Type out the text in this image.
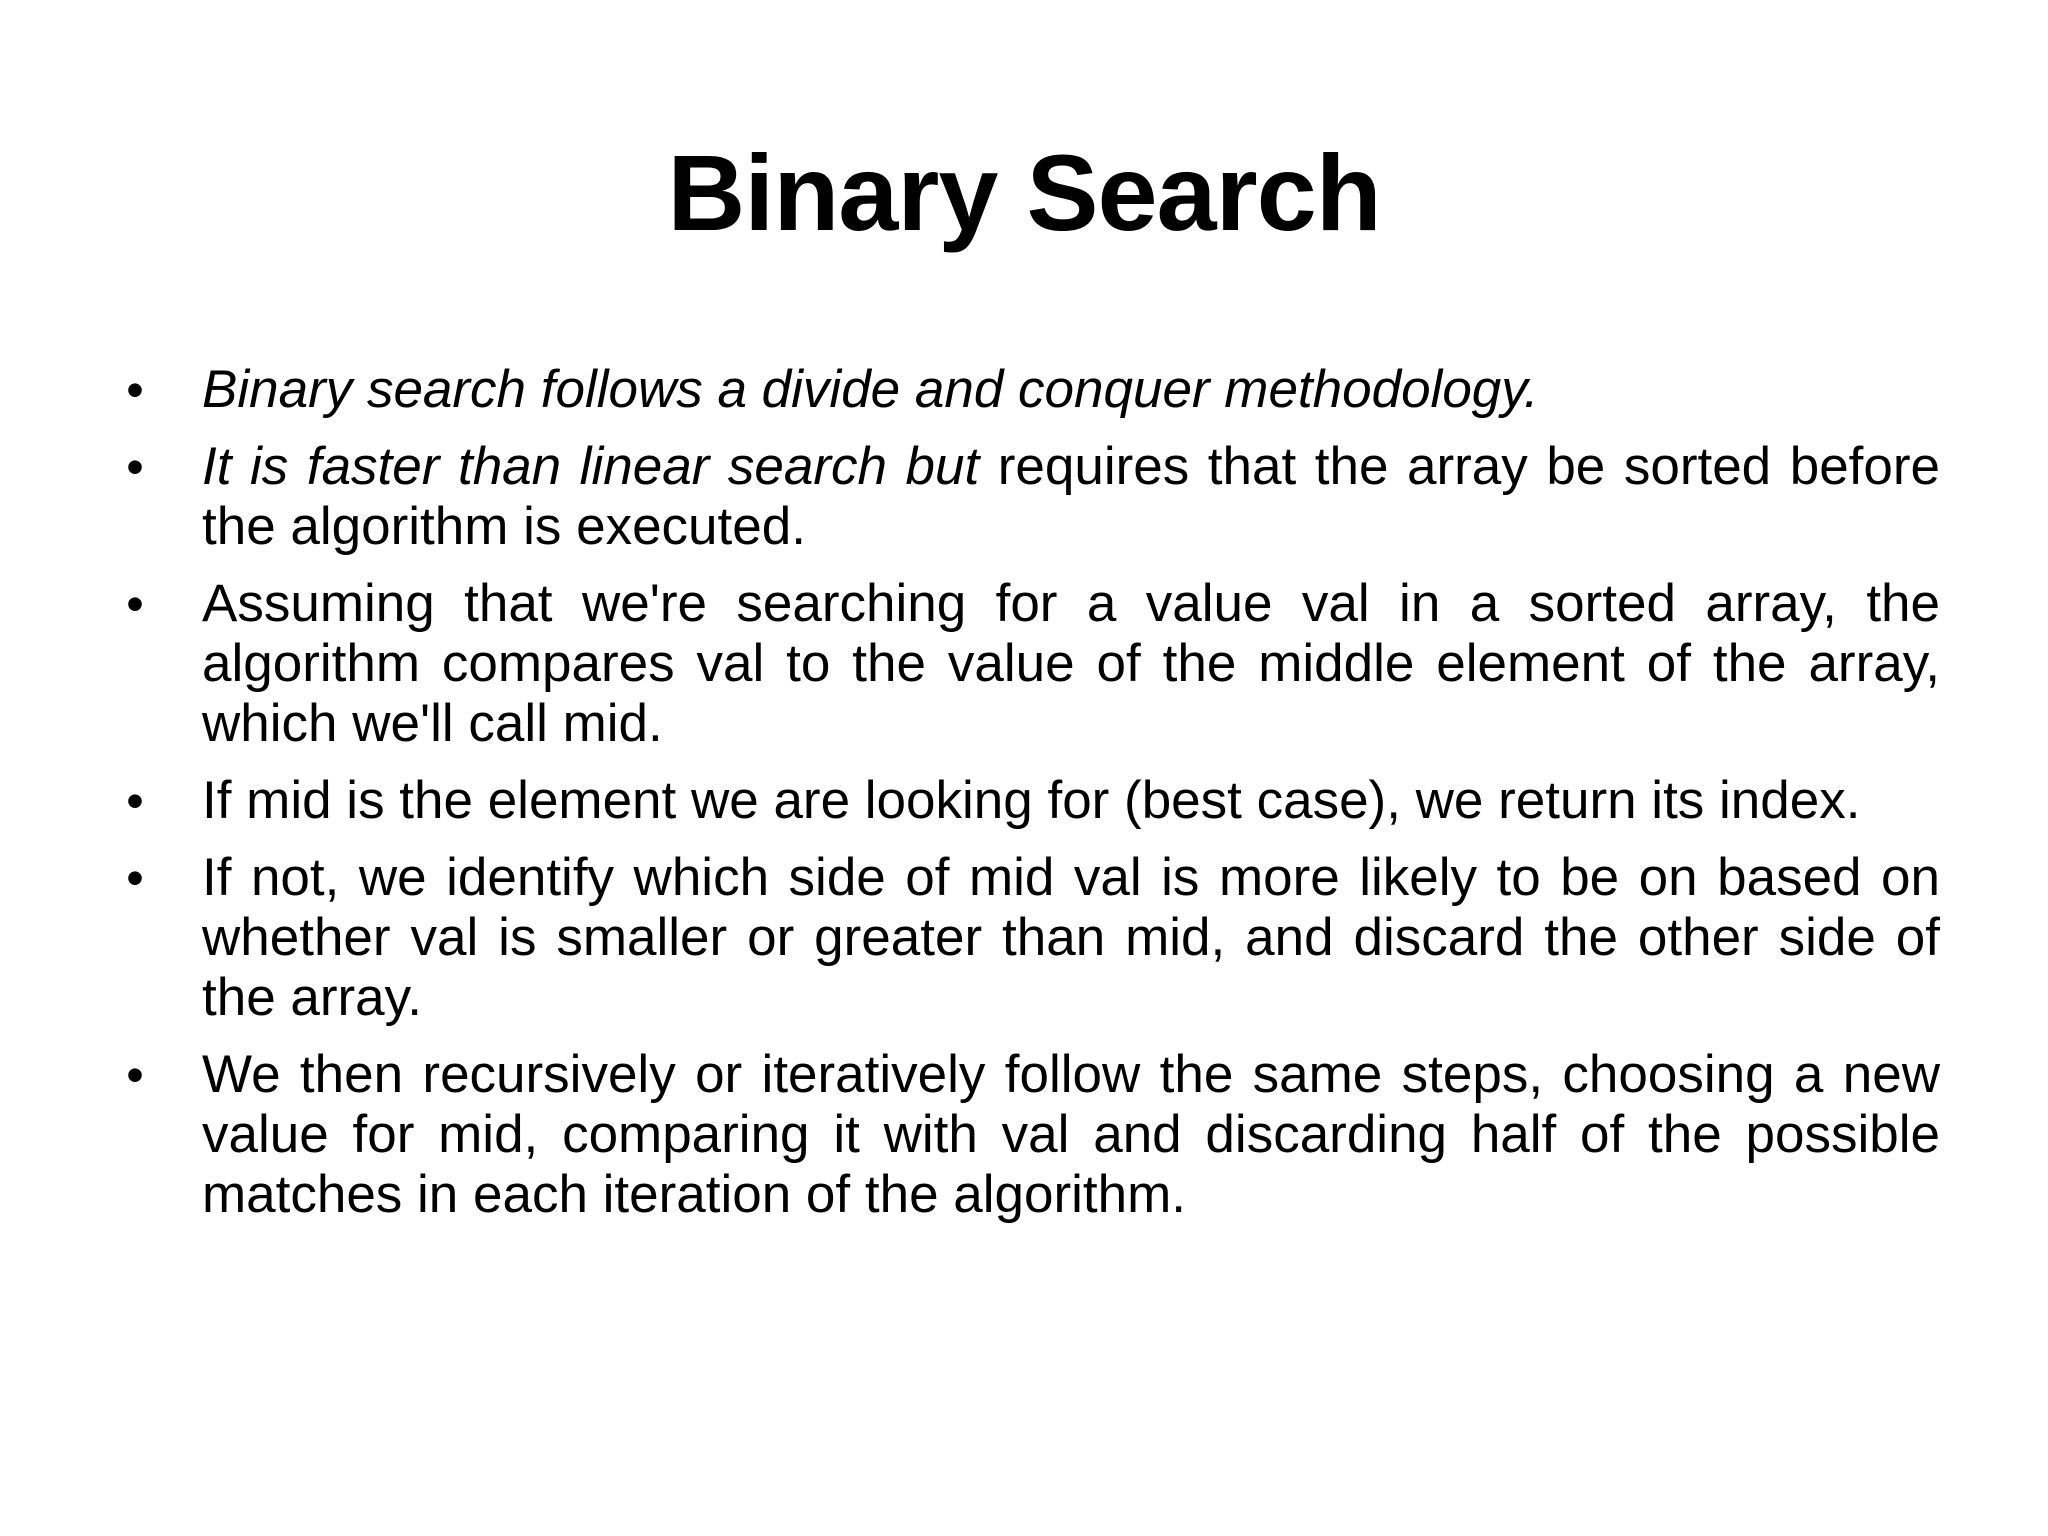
Binary Search
• Binary search follows a divide and conquer methodology.
• It is faster than linear search but requires that the array be sorted before the algorithm is executed.
• Assuming that we're searching for a value val in a sorted array, the algorithm compares val to the value of the middle element of the array, which we'll call mid.
• If mid is the element we are looking for (best case), we return its index.
• If not, we identify which side of mid val is more likely to be on based on whether val is smaller or greater than mid, and discard the other side of the array.
• We then recursively or iteratively follow the same steps, choosing a new value for mid, comparing it with val and discarding half of the possible matches in each iteration of the algorithm.
